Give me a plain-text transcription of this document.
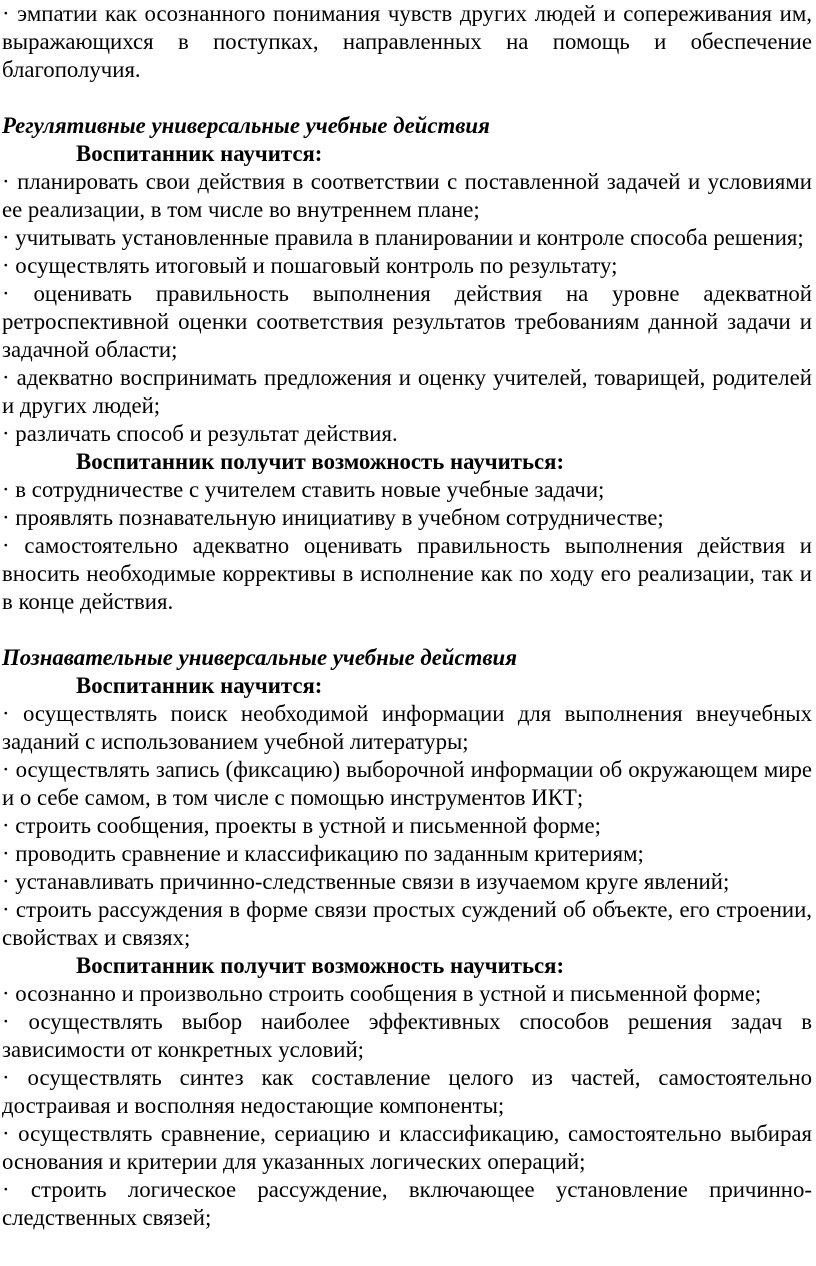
· эмпатии как осознанного понимания чувств других людей и сопереживания им, выражающихся в поступках, направленных на помощь и обеспечение благополучия.

Регулятивные универсальные учебные действия

Воспитанник научится:

· планировать свои действия в соответствии с поставленной задачей и условиями ее реализации, в том числе во внутреннем плане;

· учитывать установленные правила в планировании и контроле способа решения;

· осуществлять итоговый и пошаговый контроль по результату;

· оценивать правильность выполнения действия на уровне адекватной ретроспективной оценки соответствия результатов требованиям данной задачи и задачной области;

· адекватно воспринимать предложения и оценку учителей, товарищей, родителей и других людей;

· различать способ и результат действия.

Воспитанник получит возможность научиться:

· в сотрудничестве с учителем ставить новые учебные задачи;

· проявлять познавательную инициативу в учебном сотрудничестве;

· самостоятельно адекватно оценивать правильность выполнения действия и вносить необходимые коррективы в исполнение как по ходу его реализации, так и в конце действия.

Познавательные универсальные учебные действия

Воспитанник научится:

· осуществлять поиск необходимой информации для выполнения внеучебных заданий с использованием учебной литературы;

· осуществлять запись (фиксацию) выборочной информации об окружающем мире и о себе самом, в том числе с помощью инструментов ИКТ;

· строить сообщения, проекты в устной и письменной форме;

· проводить сравнение и классификацию по заданным критериям;

· устанавливать причинно-следственные связи в изучаемом круге явлений;

· строить рассуждения в форме связи простых суждений об объекте, его строении, свойствах и связях;

Воспитанник получит возможность научиться:

· осознанно и произвольно строить сообщения в устной и письменной форме;

· осуществлять выбор наиболее эффективных способов решения задач в зависимости от конкретных условий;

· осуществлять синтез как составление целого из частей, самостоятельно достраивая и восполняя недостающие компоненты;

· осуществлять сравнение, сериацию и классификацию, самостоятельно выбирая основания и критерии для указанных логических операций;

· строить логическое рассуждение, включающее установление причинно-следственных связей;
